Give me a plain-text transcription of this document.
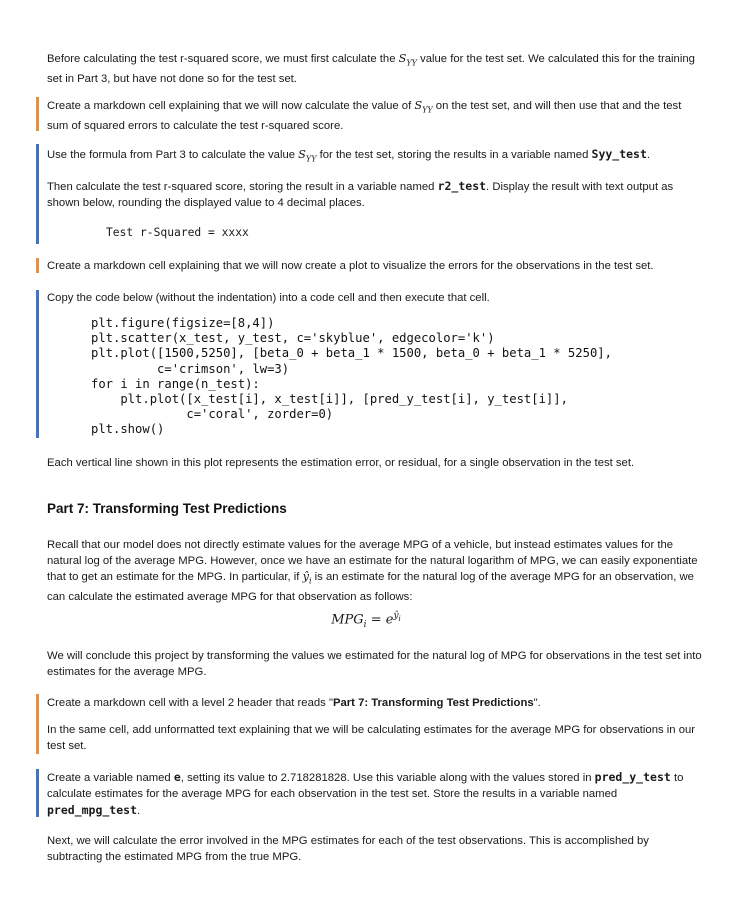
Before calculating the test r-squared score, we must first calculate the $S_{YY}$ value for the test set. We calculated this for the training set in Part 3, but have not done so for the test set.

Create a markdown cell explaining that we will now calculate the value of $S_{YY}$ on the test set, and will then use that and the test sum of squared errors to calculate the test r-squared score.

Use the formula from Part 3 to calculate the value $S_{YY}$ for the test set, storing the results in a variable named Syy_test.

Then calculate the test r-squared score, storing the result in a variable named r2_test. Display the result with text output as shown below, rounding the displayed value to 4 decimal places.

Test r-Squared = xxxx

Create a markdown cell explaining that we will now create a plot to visualize the errors for the observations in the test set.

Copy the code below (without the indentation) into a code cell and then execute that cell.

plt.figure(figsize=[8,4])
plt.scatter(x_test, y_test, c='skyblue', edgecolor='k')
plt.plot([1500,5250], [beta_0 + beta_1 * 1500, beta_0 + beta_1 * 5250],
c='crimson', lw=3)
for i in range(n_test):
plt.plot([x_test[i], x_test[i]], [pred_y_test[i], y_test[i]],
c='coral', zorder=0)
plt.show()

Each vertical line shown in this plot represents the estimation error, or residual, for a single observation in the test set.

Part 7: Transforming Test Predictions

Recall that our model does not directly estimate values for the average MPG of a vehicle, but instead estimates values for the natural log of the average MPG. However, once we have an estimate for the natural logarithm of MPG, we can easily exponentiate that to get an estimate for the MPG. In particular, if $ŷ_i$ is an estimate for the natural log of the average MPG for an observation, we can calculate the estimated average MPG for that observation as follows:

$MPG_i = e^{ŷ_i}$

We will conclude this project by transforming the values we estimated for the natural log of MPG for observations in the test set into estimates for the average MPG.

Create a markdown cell with a level 2 header that reads "Part 7: Transforming Test Predictions".

In the same cell, add unformatted text explaining that we will be calculating estimates for the average MPG for observations in our test set.

Create a variable named e, setting its value to 2.718281828. Use this variable along with the values stored in pred_y_test to calculate estimates for the average MPG for each observation in the test set. Store the results in a variable named pred_mpg_test.

Next, we will calculate the error involved in the MPG estimates for each of the test observations. This is accomplished by subtracting the estimated MPG from the true MPG.
